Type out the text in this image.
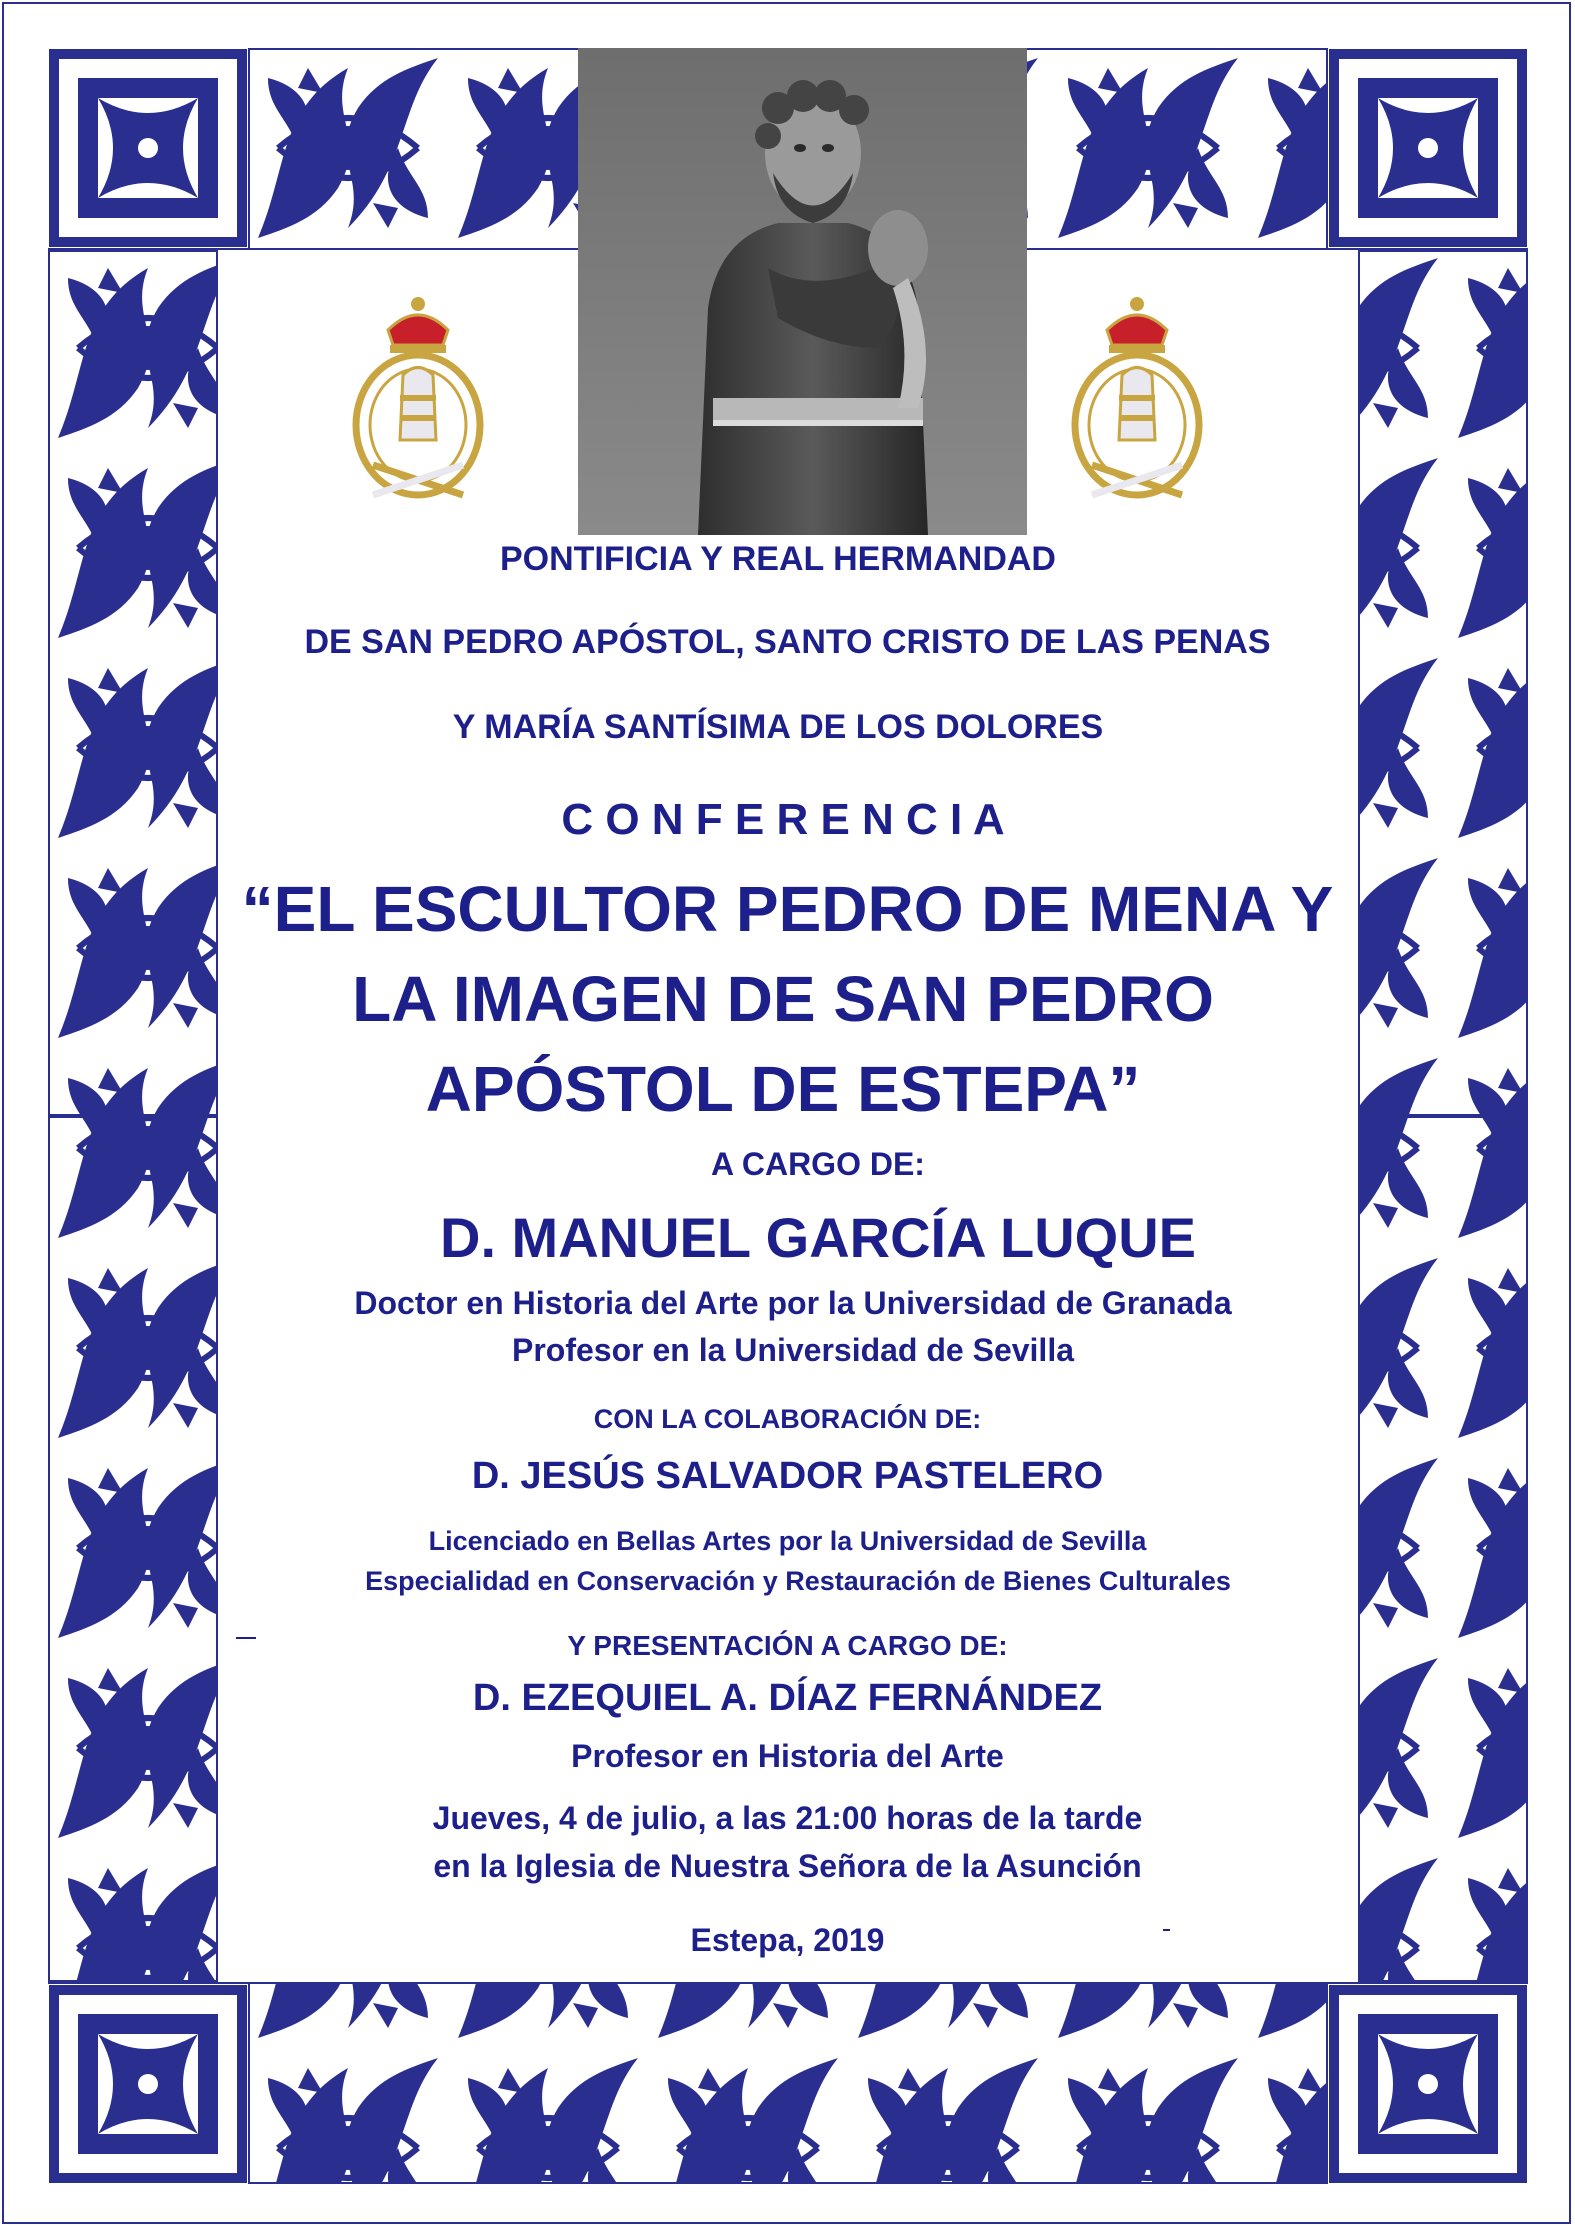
PONTIFICIA Y REAL HERMANDAD
DE SAN PEDRO APÓSTOL, SANTO CRISTO DE LAS PENAS
Y MARÍA SANTÍSIMA DE LOS DOLORES
C O N F E R E N C I A
“EL ESCULTOR PEDRO DE MENA Y
LA IMAGEN DE SAN PEDRO
APÓSTOL DE ESTEPA”
A CARGO DE:
D. MANUEL GARCÍA LUQUE
Doctor en Historia del Arte por la Universidad de Granada
Profesor en la Universidad de Sevilla
CON LA COLABORACIÓN DE:
D. JESÚS SALVADOR PASTELERO
Licenciado en Bellas Artes por la Universidad de Sevilla
Especialidad en Conservación y Restauración de Bienes Culturales
Y PRESENTACIÓN A CARGO DE:
D. EZEQUIEL A. DÍAZ FERNÁNDEZ
Profesor en Historia del Arte
Jueves, 4 de julio, a las 21:00 horas de la tarde
en la Iglesia de Nuestra Señora de la Asunción
Estepa, 2019
